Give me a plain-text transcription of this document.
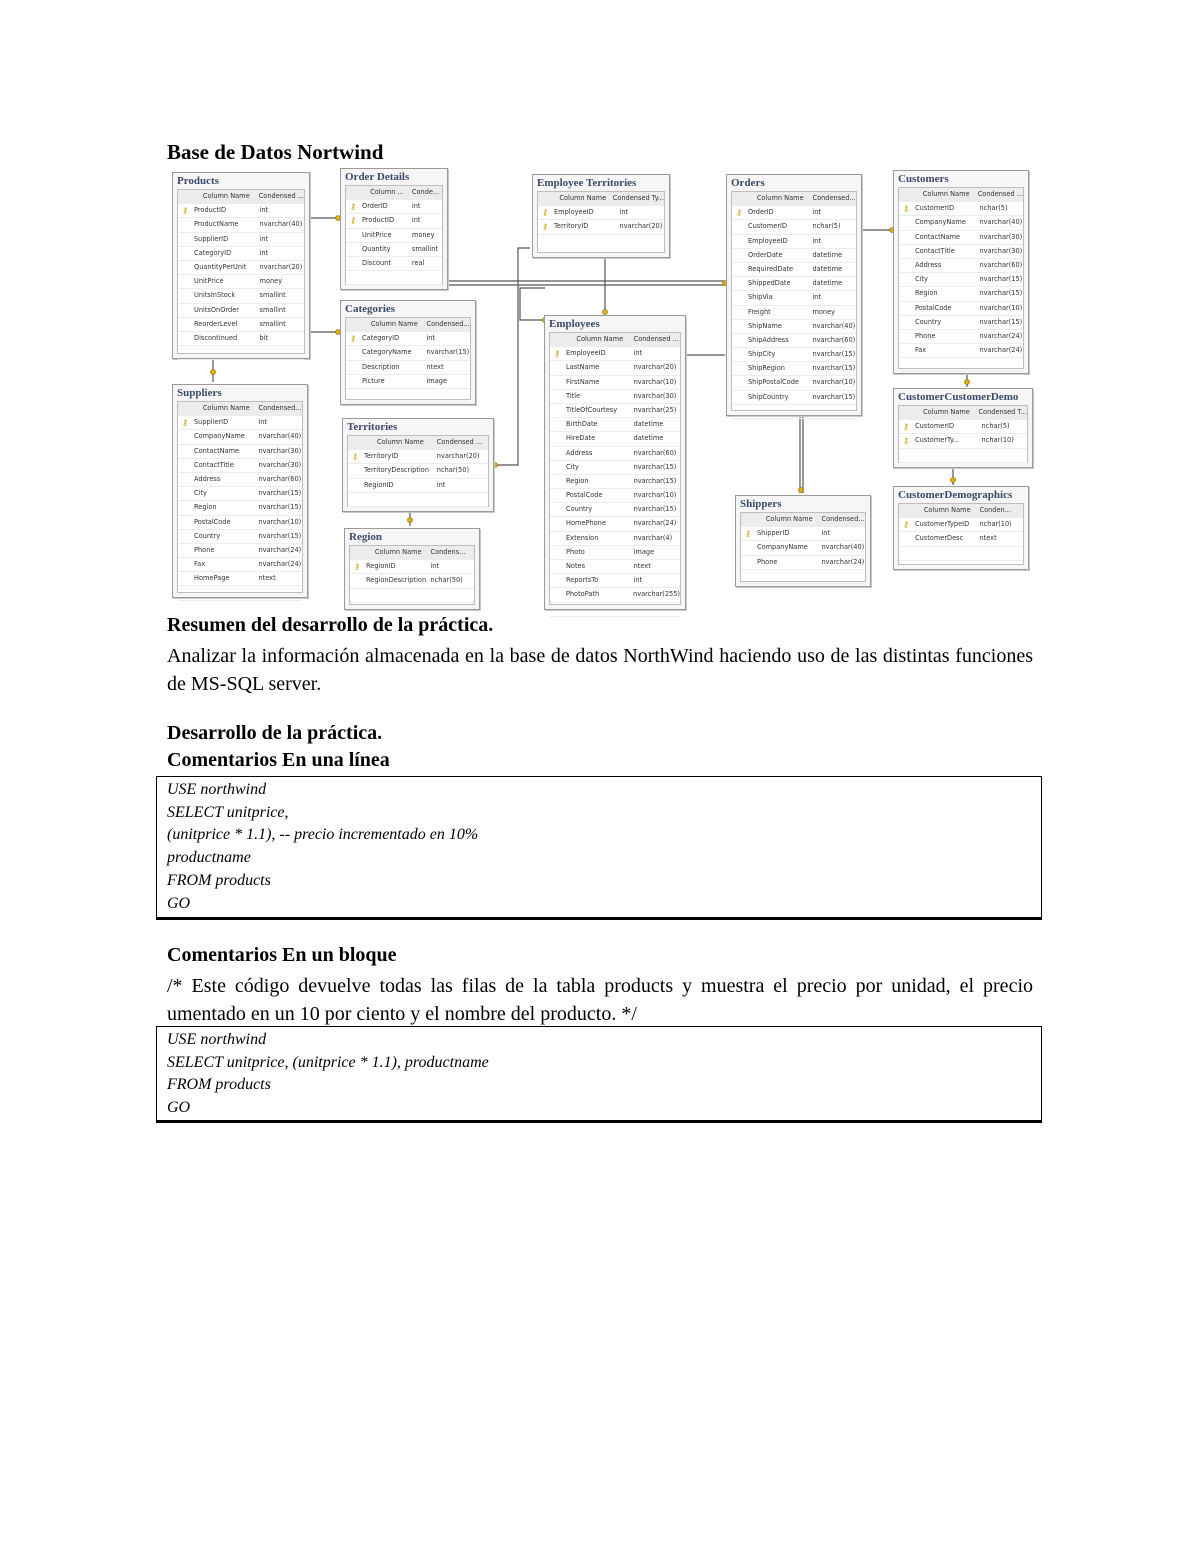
Base de Datos Nortwind
Products
Column Name	Condensed ...
⚷ ProductID	int
ProductName	nvarchar(40)
SupplierID	int
CategoryID	int
QuantityPerUnit	nvarchar(20)
UnitPrice	money
UnitsInStock	smallint
UnitsOnOrder	smallint
ReorderLevel	smallint
Discontinued	bit
Order Details
Column ...	Conde...
⚷ OrderID	int
⚷ ProductID	int
UnitPrice	money
Quantity	smallint
Discount	real
Employee Territories
Column Name Condensed Ty...
⚷ EmployeeID	int
⚷ TerritoryID	nvarchar(20)
Orders
Column Name	Condensed...
⚷ OrderID	int
CustomerID	nchar(5)
EmployeeID	int
OrderDate	datetime
RequiredDate	datetime
ShippedDate	datetime
ShipVia	int
Freight	money
ShipName	nvarchar(40)
ShipAddress	nvarchar(60)
ShipCity	nvarchar(15)
ShipRegion	nvarchar(15)
ShipPostalCode	nvarchar(10)
ShipCountry	nvarchar(15)
Customers
Column Name	Condensed ...
⚷ CustomerID	nchar(5)
CompanyName	nvarchar(40)
ContactName	nvarchar(30)
ContactTitle	nvarchar(30)
Address	nvarchar(60)
City	nvarchar(15)
Region	nvarchar(15)
PostalCode	nvarchar(10)
Country	nvarchar(15)
Phone	nvarchar(24)
Fax	nvarchar(24)
Categories
Column Name	Condensed...
⚷ CategoryID	int
CategoryName	nvarchar(15)
Description	ntext
Picture	image
Employees
Column Name	Condensed ...
⚷ EmployeeID	int
LastName	nvarchar(20)
FirstName	nvarchar(10)
Title	nvarchar(30)
TitleOfCourtesy	nvarchar(25)
BirthDate	datetime
HireDate	datetime
Address	nvarchar(60)
City	nvarchar(15)
Region	nvarchar(15)
PostalCode	nvarchar(10)
Country	nvarchar(15)
HomePhone	nvarchar(24)
Extension	nvarchar(4)
Photo	image
Notes	ntext
ReportsTo	int
PhotoPath	nvarchar(255)
Suppliers
Column Name	Condensed...
⚷ SupplierID	int
CompanyName	nvarchar(40)
ContactName	nvarchar(30)
ContactTitle	nvarchar(30)
Address	nvarchar(60)
City	nvarchar(15)
Region	nvarchar(15)
PostalCode	nvarchar(10)
Country	nvarchar(15)
Phone	nvarchar(24)
Fax	nvarchar(24)
HomePage	ntext
Territories
Column Name	Condensed ...
⚷ TerritoryID	nvarchar(20)
TerritoryDescription	nchar(50)
RegionID	int
Region
Column Name	Condens...
⚷ RegionID	int
RegionDescription nchar(50)
Shippers
Column Name	Condensed...
⚷ ShipperID	int
CompanyName	nvarchar(40)
Phone	nvarchar(24)
CustomerCustomerDemo
Column Name	Condensed T...
⚷ CustomerID	nchar(5)
⚷ CustomerTy...	nchar(10)
CustomerDemographics
Column Name	Conden...
⚷ CustomerTypeID	nchar(10)
CustomerDesc	ntext
Resumen del desarrollo de la práctica.

Analizar la información almacenada en la base de datos NorthWind haciendo uso de las distintas funciones de MS-SQL server.

Desarrollo de la práctica.
Comentarios En una línea
USE northwind
SELECT unitprice,
(unitprice * 1.1), -- precio incrementado en 10%
productname
FROM products
GO
Comentarios En un bloque

/* Este código devuelve todas las filas de la tabla products y muestra el precio por unidad, el precio umentado en un 10 por ciento y el nombre del producto. */

USE northwind
SELECT unitprice, (unitprice * 1.1), productname
FROM products
GO
